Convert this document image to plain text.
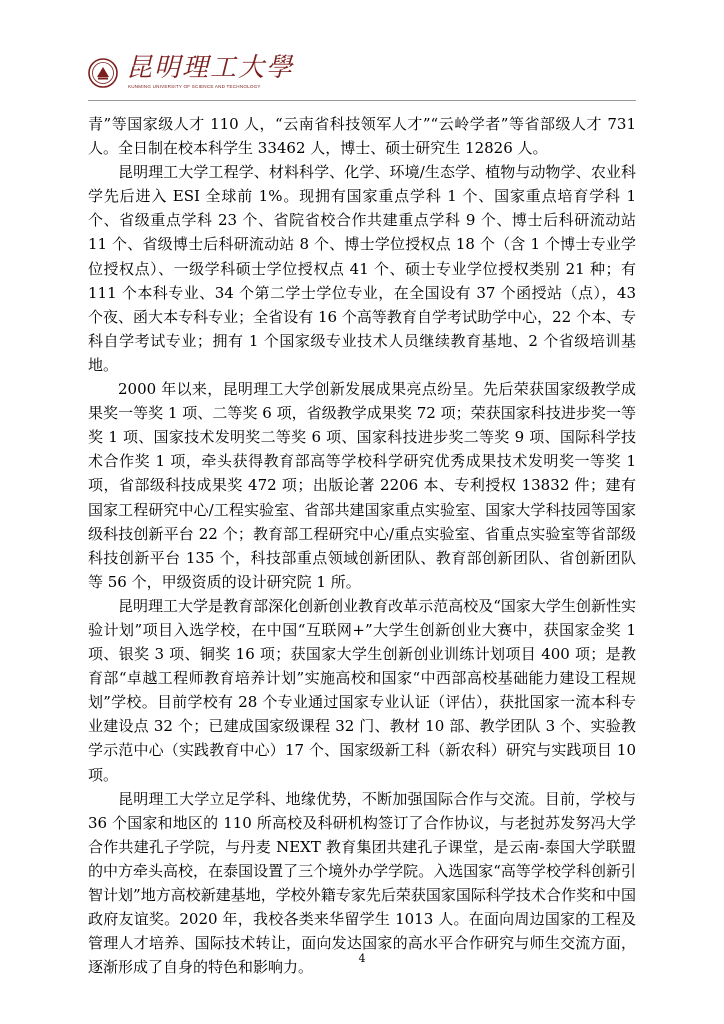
昆明理工大學
KUNMING UNIVERSITY OF SCIENCE AND TECHNOLOGY

青”等国家级人才 110 人，“云南省科技领军人才”“云岭学者”等省部级人才 731 人。全日制在校本科学生 33462 人，博士、硕士研究生 12826 人。

昆明理工大学工程学、材料科学、化学、环境/生态学、植物与动物学、农业科学先后进入 ESI 全球前 1%。现拥有国家重点学科 1 个、国家重点培育学科 1 个、省级重点学科 23 个、省院省校合作共建重点学科 9 个、博士后科研流动站 11 个、省级博士后科研流动站 8 个、博士学位授权点 18 个（含 1 个博士专业学位授权点）、一级学科硕士学位授权点 41 个、硕士专业学位授权类别 21 种；有 111 个本科专业、34 个第二学士学位专业，在全国设有 37 个函授站（点），43 个夜、函大本专科专业；全省设有 16 个高等教育自学考试助学中心，22 个本、专科自学考试专业；拥有 1 个国家级专业技术人员继续教育基地、2 个省级培训基地。

2000 年以来，昆明理工大学创新发展成果亮点纷呈。先后荣获国家级教学成果奖一等奖 1 项、二等奖 6 项，省级教学成果奖 72 项；荣获国家科技进步奖一等奖 1 项、国家技术发明奖二等奖 6 项、国家科技进步奖二等奖 9 项、国际科学技术合作奖 1 项，牵头获得教育部高等学校科学研究优秀成果技术发明奖一等奖 1 项，省部级科技成果奖 472 项；出版论著 2206 本、专利授权 13832 件；建有国家工程研究中心/工程实验室、省部共建国家重点实验室、国家大学科技园等国家级科技创新平台 22 个；教育部工程研究中心/重点实验室、省重点实验室等省部级科技创新平台 135 个，科技部重点领域创新团队、教育部创新团队、省创新团队等 56 个，甲级资质的设计研究院 1 所。

昆明理工大学是教育部深化创新创业教育改革示范高校及“国家大学生创新性实验计划”项目入选学校，在中国“互联网+”大学生创新创业大赛中，获国家金奖 1 项、银奖 3 项、铜奖 16 项；获国家大学生创新创业训练计划项目 400 项；是教育部“卓越工程师教育培养计划”实施高校和国家“中西部高校基础能力建设工程规划”学校。目前学校有 28 个专业通过国家专业认证（评估），获批国家一流本科专业建设点 32 个；已建成国家级课程 32 门、教材 10 部、教学团队 3 个、实验教学示范中心（实践教育中心）17 个、国家级新工科（新农科）研究与实践项目 10 项。

昆明理工大学立足学科、地缘优势，不断加强国际合作与交流。目前，学校与 36 个国家和地区的 110 所高校及科研机构签订了合作协议，与老挝苏发努冯大学合作共建孔子学院，与丹麦 NEXT 教育集团共建孔子课堂，是云南-泰国大学联盟的中方牵头高校，在泰国设置了三个境外办学学院。入选国家“高等学校学科创新引智计划”地方高校新建基地，学校外籍专家先后荣获国家国际科学技术合作奖和中国政府友谊奖。2020 年，我校各类来华留学生 1013 人。在面向周边国家的工程及管理人才培养、国际技术转让，面向发达国家的高水平合作研究与师生交流方面，逐渐形成了自身的特色和影响力。	4
